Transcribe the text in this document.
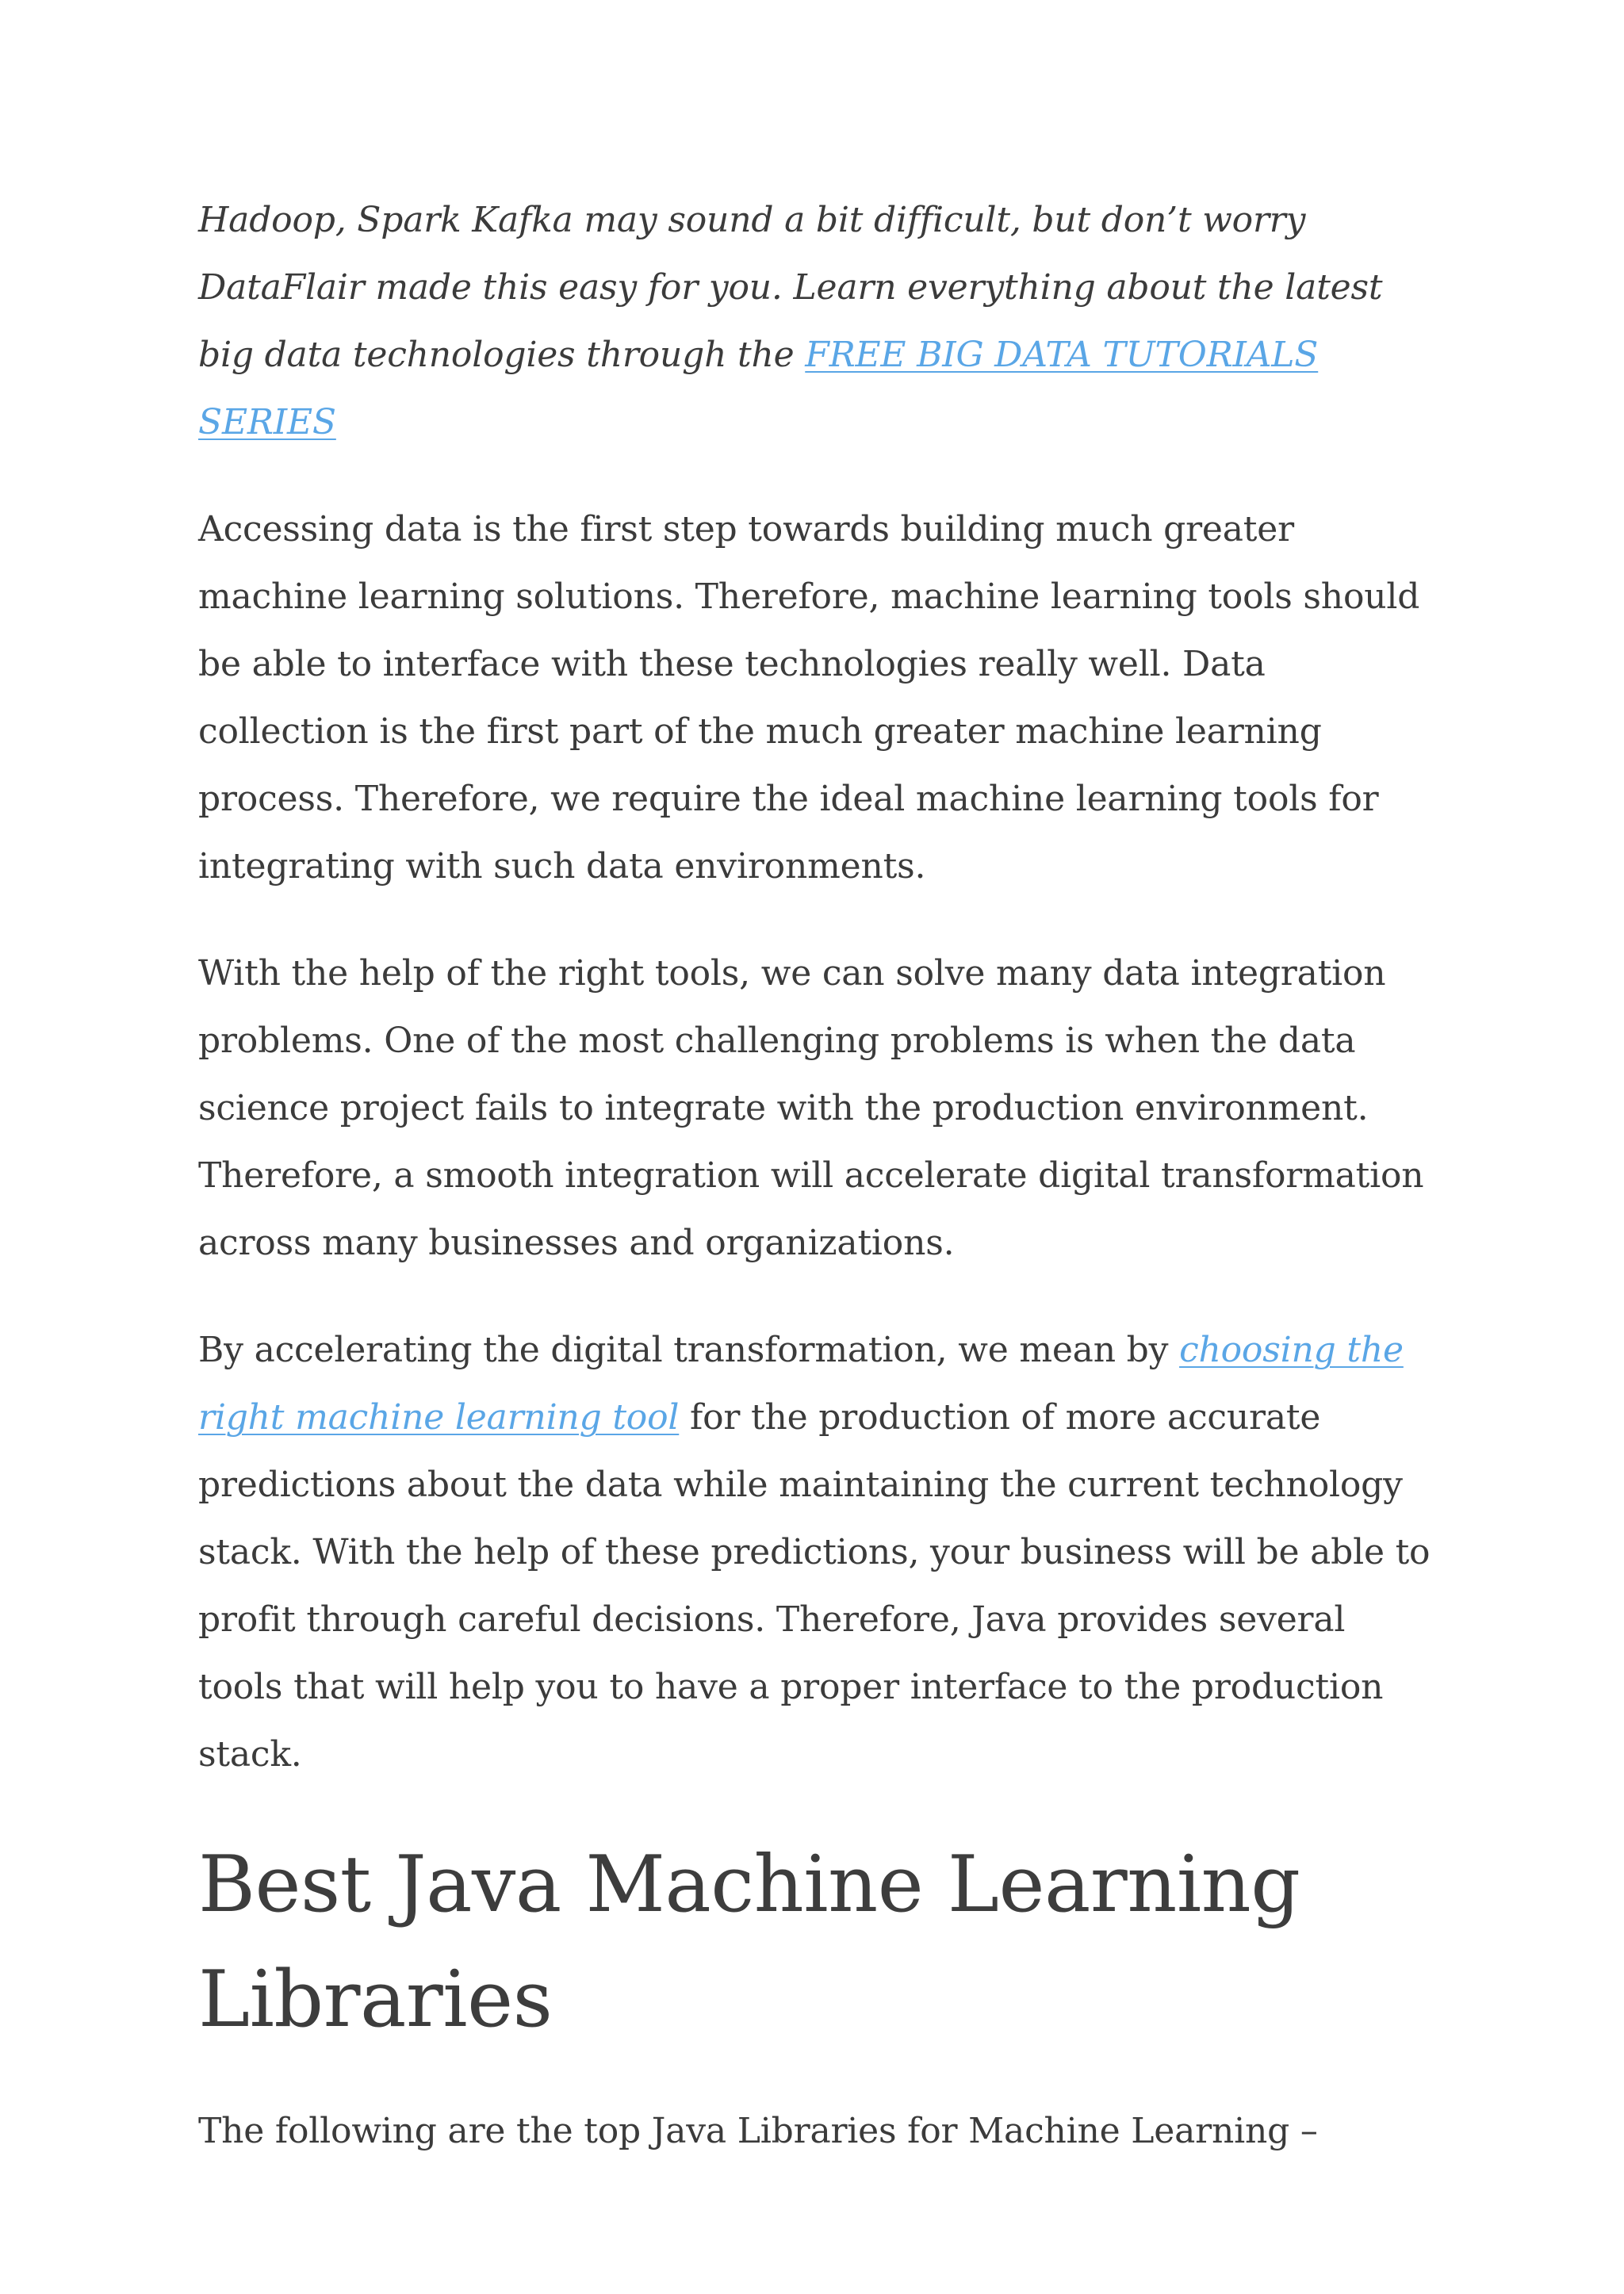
Hadoop, Spark Kafka may sound a bit difficult, but don’t worry DataFlair made this easy for you. Learn everything about the latest big data technologies through the FREE BIG DATA TUTORIALS SERIES

Accessing data is the first step towards building much greater machine learning solutions. Therefore, machine learning tools should be able to interface with these technologies really well. Data collection is the first part of the much greater machine learning process. Therefore, we require the ideal machine learning tools for integrating with such data environments.

With the help of the right tools, we can solve many data integration problems. One of the most challenging problems is when the data science project fails to integrate with the production environment. Therefore, a smooth integration will accelerate digital transformation across many businesses and organizations.

By accelerating the digital transformation, we mean by choosing the right machine learning tool for the production of more accurate predictions about the data while maintaining the current technology stack. With the help of these predictions, your business will be able to profit through careful decisions. Therefore, Java provides several tools that will help you to have a proper interface to the production stack.

Best Java Machine Learning Libraries

The following are the top Java Libraries for Machine Learning –
